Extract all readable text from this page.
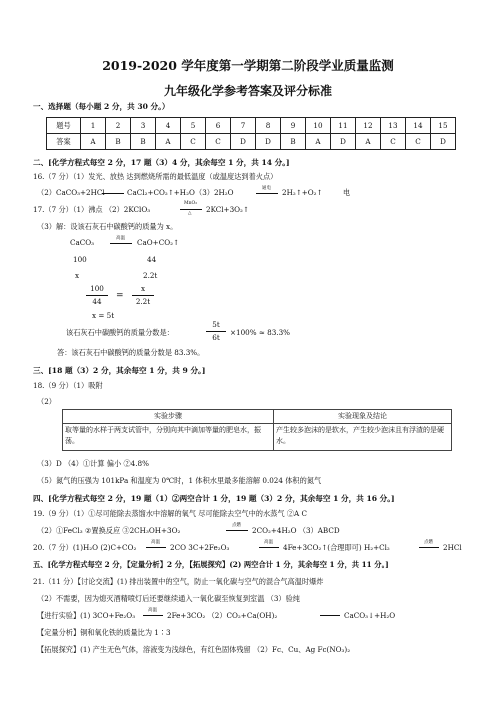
2019-2020 学年度第一学期第二阶段学业质量监测
九年级化学参考答案及评分标准
一、选择题（每小题 2 分，共 30 分。）
题号	1	2	3	4	5	6	7	8	9	10	11	12	13	14	15
答案	A	B	B	A	C	C	D	D	B	A	D	A	C	C	D
二、[化学方程式每空 2 分，17 题（3）4 分，其余每空 1 分，共 14 分。]
16.（7 分）（1）发光、放热 达到燃烧所需的最低温度（或温度达到着火点）
（2）CaCO₃+2HCl	CaCl₂+CO₂↑+H₂O （3）2H₂O	通电 2H₂↑+O₂↑	电
17.（7 分）（1）沸点 （2）2KClO₃
MnO₂
△ 2KCl+3O₂↑
（3）解：设该石灰石中碳酸钙的质量为 x。
CaCO₃	高温 CaO+CO₂↑
100	44
x	2.2t
100
44
=
x
2.2t
x = 5t
该石灰石中碳酸钙的质量分数是：
5t
6t
×100% ≈ 83.3%
答：该石灰石中碳酸钙的质量分数是 83.3%。
三、[18 题（3）2 分，其余每空 1 分，共 9 分。]
18.（9 分）（1）吸附
（2）
实验步骤	实验现象及结论
取等量的水样于两支试管中，分别向其中滴加等量的肥皂水，振荡。	产生较多泡沫的是软水，产生较少泡沫且有浮渣的是硬水。
（3）D （4）①计算 偏小 ②4.8%
（5）氮气的压强为 101kPa 和温度为 0℃时，1 体积水里最多能溶解 0.024 体积的氮气
四、[化学方程式每空 2 分，19 题（1）②两空合计 1 分，19 题（3）2 分，其余每空 1 分，共 16 分。]
19.（9 分）（1）①尽可能除去蒸馏水中溶解的氧气 尽可能除去空气中的水蒸气 ②A C
（2）①FeCl₃ ②置换反应 ③2CH₃OH+3O₂
点燃
2CO₂+4H₂O （3）ABCD
20.（7 分）(1)H₂O (2)C+CO₂
高温
2CO 3C+2Fe₂O₃
高温
4Fe+3CO₂↑(合理即可) H₂+Cl₂
点燃
2HCl
五、[化学方程式每空 2 分，【定量分析】2 分，【拓展探究】(2) 两空合计 1 分，其余每空 1 分，共 11 分。]
21.（11 分）【讨论交流】(1) 排出装置中的空气，防止一氧化碳与空气的混合气高温时爆炸
（2）不需要，因为熄灭酒精喷灯后还要继续通入一氧化碳至恢复到室温 （3）验纯
【进行实验】(1) 3CO+Fe₂O₃
高温
2Fe+3CO₂ （2）CO₂+Ca(OH)₂	CaCO₃↓+H₂O
【定量分析】铜和氧化铁的质量比为 1∶3
【拓展探究】(1) 产生无色气体，溶液变为浅绿色，有红色固体残留 （2）Fc、Cu、Ag Fc(NO₃)₂
